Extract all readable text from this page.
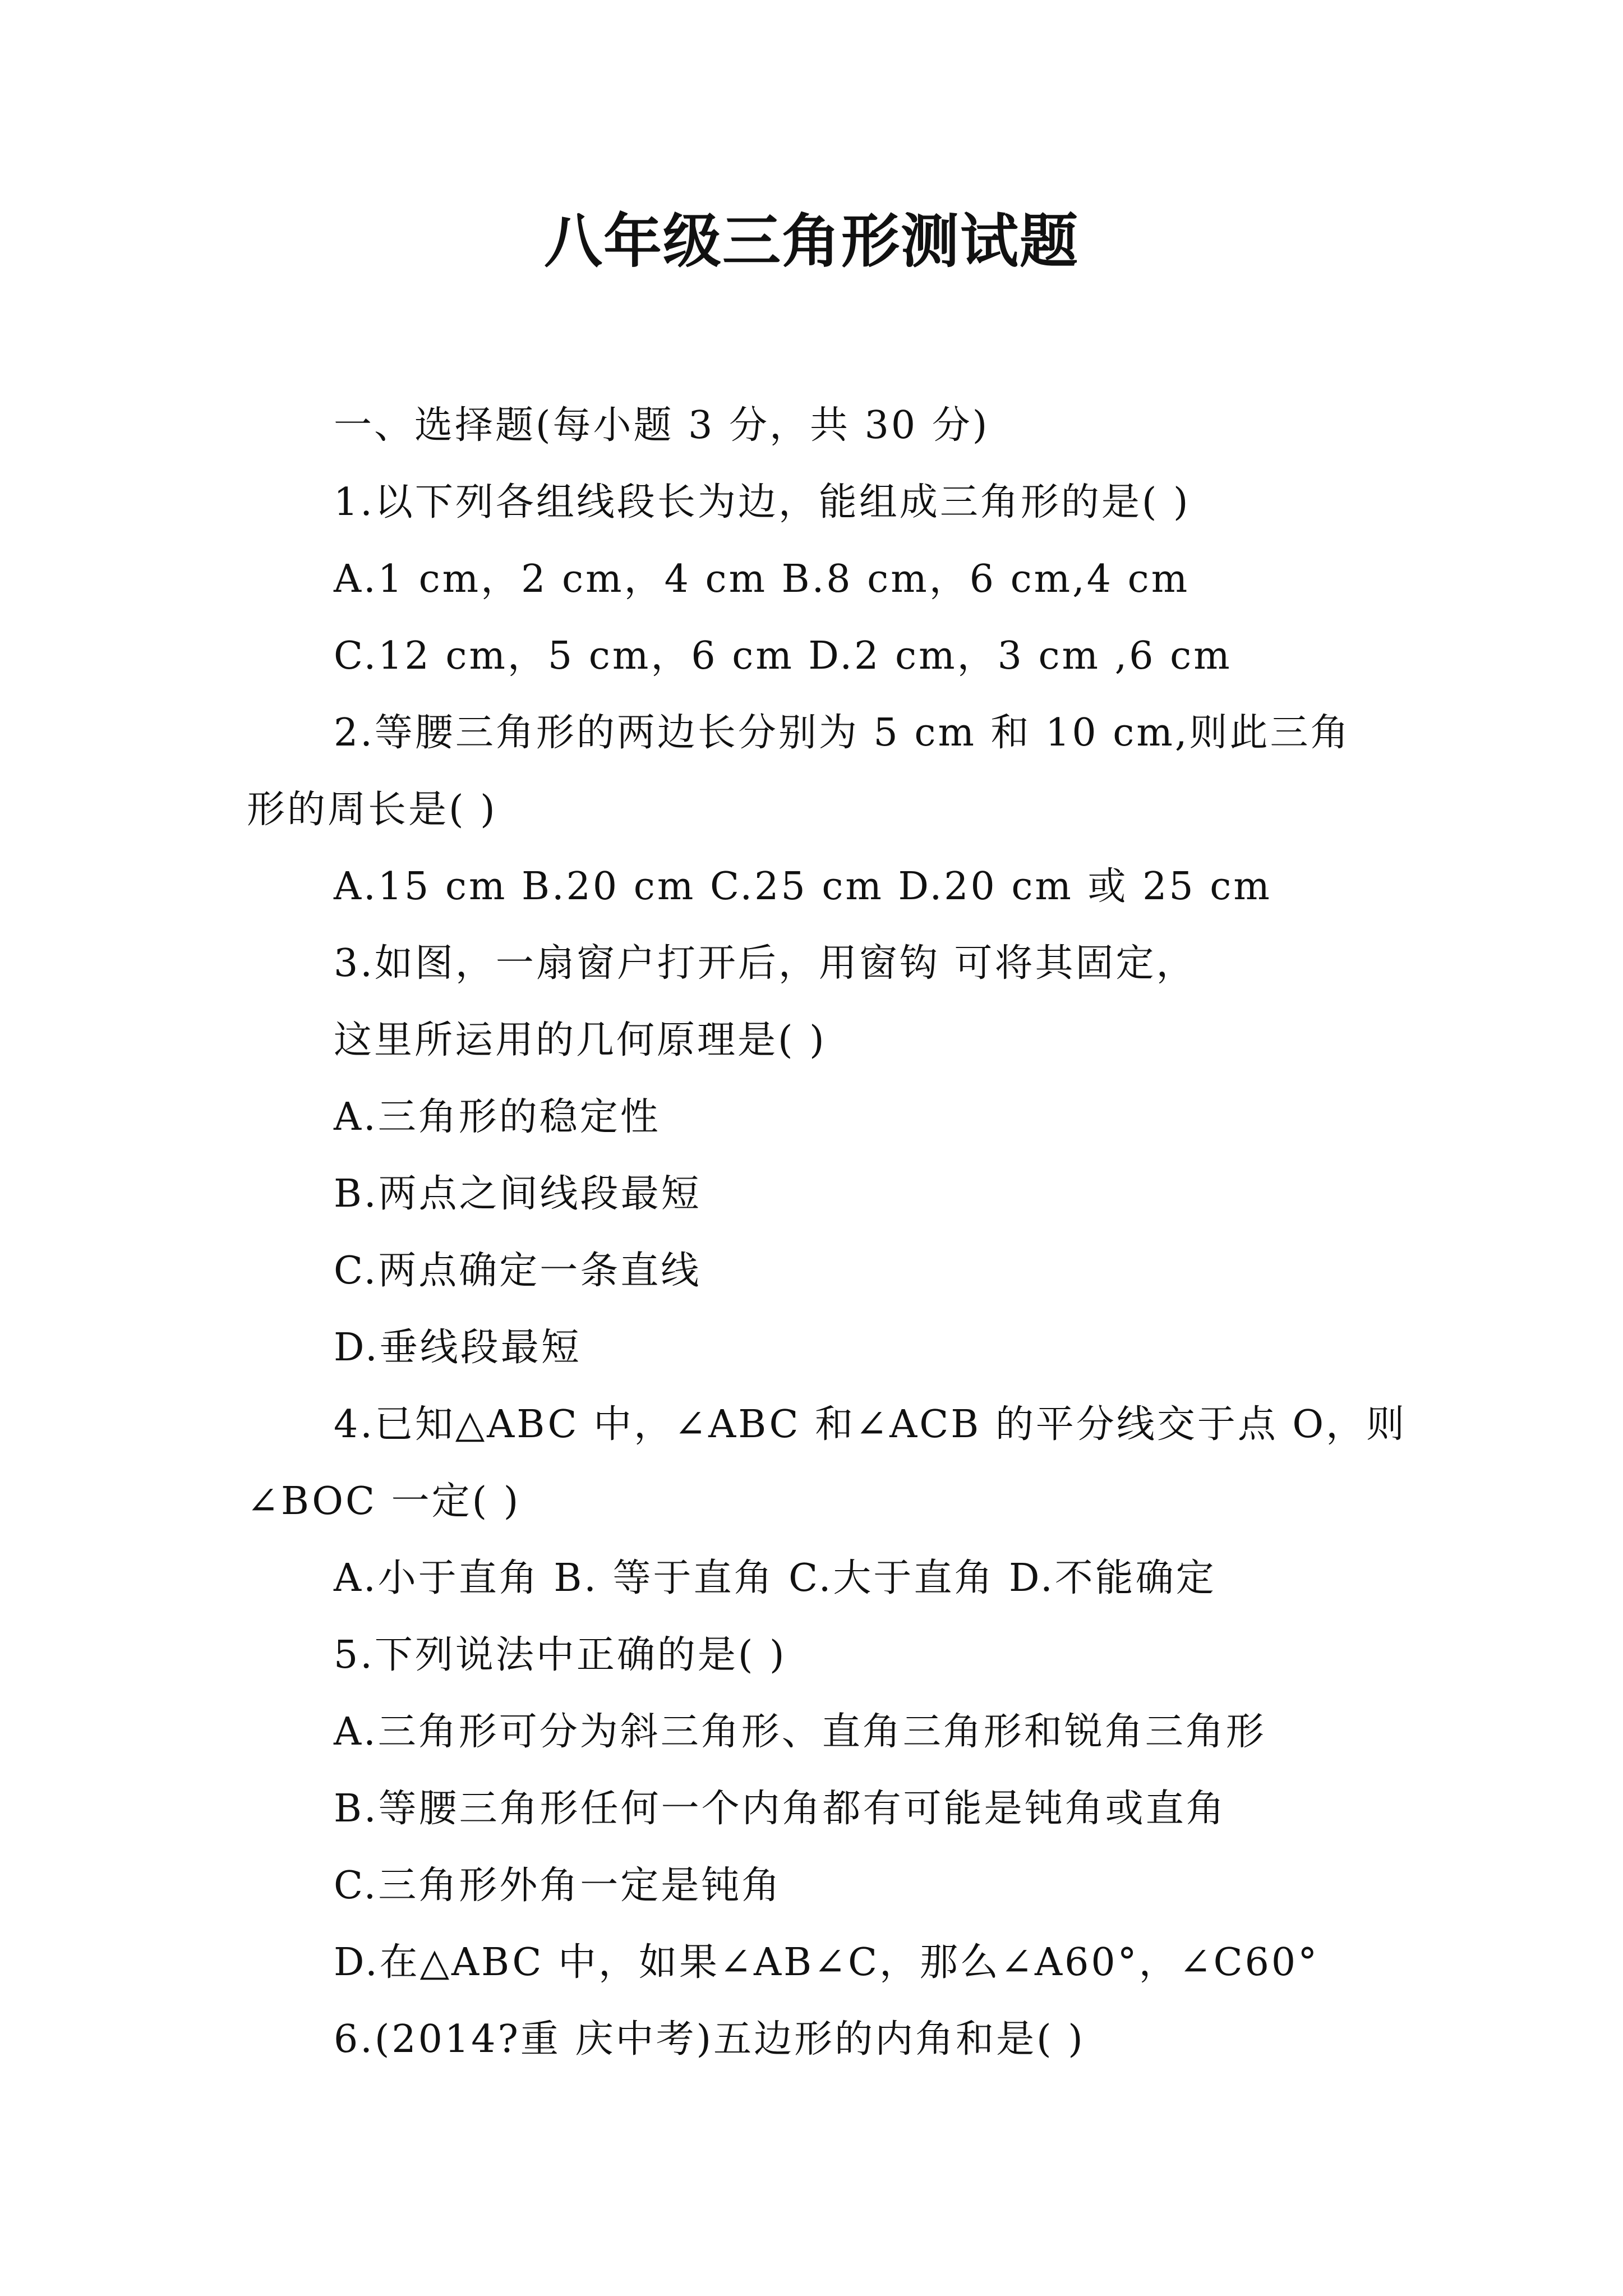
八年级三角形测试题
一、选择题(每小题 3 分，共 30 分)
1.以下列各组线段长为边，能组成三角形的是( )
A.1 cm，2 cm，4 cm B.8 cm，6 cm,4 cm
C.12 cm，5 cm，6 cm D.2 cm，3 cm ,6 cm
2.等腰三角形的两边长分别为 5 cm 和 10 cm,则此三角
形的周长是( )
A.15 cm B.20 cm C.25 cm D.20 cm 或 25 cm
3.如图，一扇窗户打开后，用窗钩 可将其固定，
这里所运用的几何原理是( )
A.三角形的稳定性
B.两点之间线段最短
C.两点确定一条直线
D.垂线段最短
4.已知△ABC 中，∠ABC 和∠ACB 的平分线交于点 O，则
∠BOC 一定( )
A.小于直角 B. 等于直角 C.大于直角 D.不能确定
5.下列说法中正确的是( )
A.三角形可分为斜三角形、直角三角形和锐角三角形
B.等腰三角形任何一个内角都有可能是钝角或直角
C.三角形外角一定是钝角
D.在△ABC 中，如果∠AB∠C，那么∠A60°，∠C60°
6.(2014?重 庆中考)五边形的内角和是( )
